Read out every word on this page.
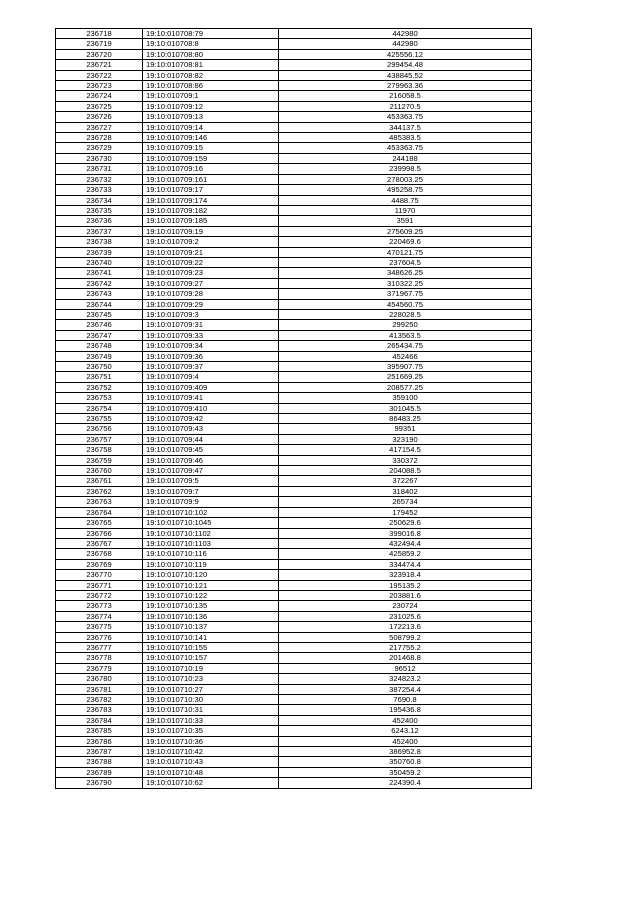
236718	19:10:010708:79	442980
236719	19:10:010708:8	442980
236720	19:10:010708:80	425556.12
236721	19:10:010708:81	299454.48
236722	19:10:010708:82	438845.52
236723	19:10:010708:86	279963.36
236724	19:10:010709:1	216058.5
236725	19:10:010709:12	211270.5
236726	19:10:010709:13	453363.75
236727	19:10:010709:14	344137.5
236728	19:10:010709:146	485383.5
236729	19:10:010709:15	453363.75
236730	19:10:010709:159	244188
236731	19:10:010709:16	239998.5
236732	19:10:010709:161	278003.25
236733	19:10:010709:17	495258.75
236734	19:10:010709:174	4488.75
236735	19:10:010709:182	11970
236736	19:10:010709:185	3591
236737	19:10:010709:19	275609.25
236738	19:10:010709:2	220469.6
236739	19:10:010709:21	470121.75
236740	19:10:010709:22	237604.5
236741	19:10:010709:23	348626.25
236742	19:10:010709:27	310322.25
236743	19:10:010709:28	371967.75
236744	19:10:010709:29	454560.75
236745	19:10:010709:3	228028.5
236746	19:10:010709:31	299250
236747	19:10:010709:33	413563.5
236748	19:10:010709:34	265434.75
236749	19:10:010709:36	452466
236750	19:10:010709:37	395907.75
236751	19:10:010709:4	251669.25
236752	19:10:010709:409	208577.25
236753	19:10:010709:41	359100
236754	19:10:010709:410	301045.5
236755	19:10:010709:42	86483.25
236756	19:10:010709:43	99351
236757	19:10:010709:44	323190
236758	19:10:010709:45	417154.5
236759	19:10:010709:46	330372
236760	19:10:010709:47	204088.5
236761	19:10:010709:5	372267
236762	19:10:010709:7	318402
236763	19:10:010709:9	265734
236764	19:10:010710:102	179452
236765	19:10:010710:1045	250629.6
236766	19:10:010710:1102	399016.8
236767	19:10:010710:1103	432494.4
236768	19:10:010710:116	425859.2
236769	19:10:010710:119	334474.4
236770	19:10:010710:120	323918.4
236771	19:10:010710:121	195135.2
236772	19:10:010710:122	203881.6
236773	19:10:010710:135	230724
236774	19:10:010710:136	231025.6
236775	19:10:010710:137	172213.6
236776	19:10:010710:141	508799.2
236777	19:10:010710:155	217755.2
236778	19:10:010710:157	201468.8
236779	19:10:010710:19	96512
236780	19:10:010710:23	324823.2
236781	19:10:010710:27	387254.4
236782	19:10:010710:30	7690.8
236783	19:10:010710:31	195436.8
236784	19:10:010710:33	452400
236785	19:10:010710:35	6243.12
236786	19:10:010710:36	452400
236787	19:10:010710:42	386952.8
236788	19:10:010710:43	350760.8
236789	19:10:010710:48	350459.2
236790	19:10:010710:62	224390.4
